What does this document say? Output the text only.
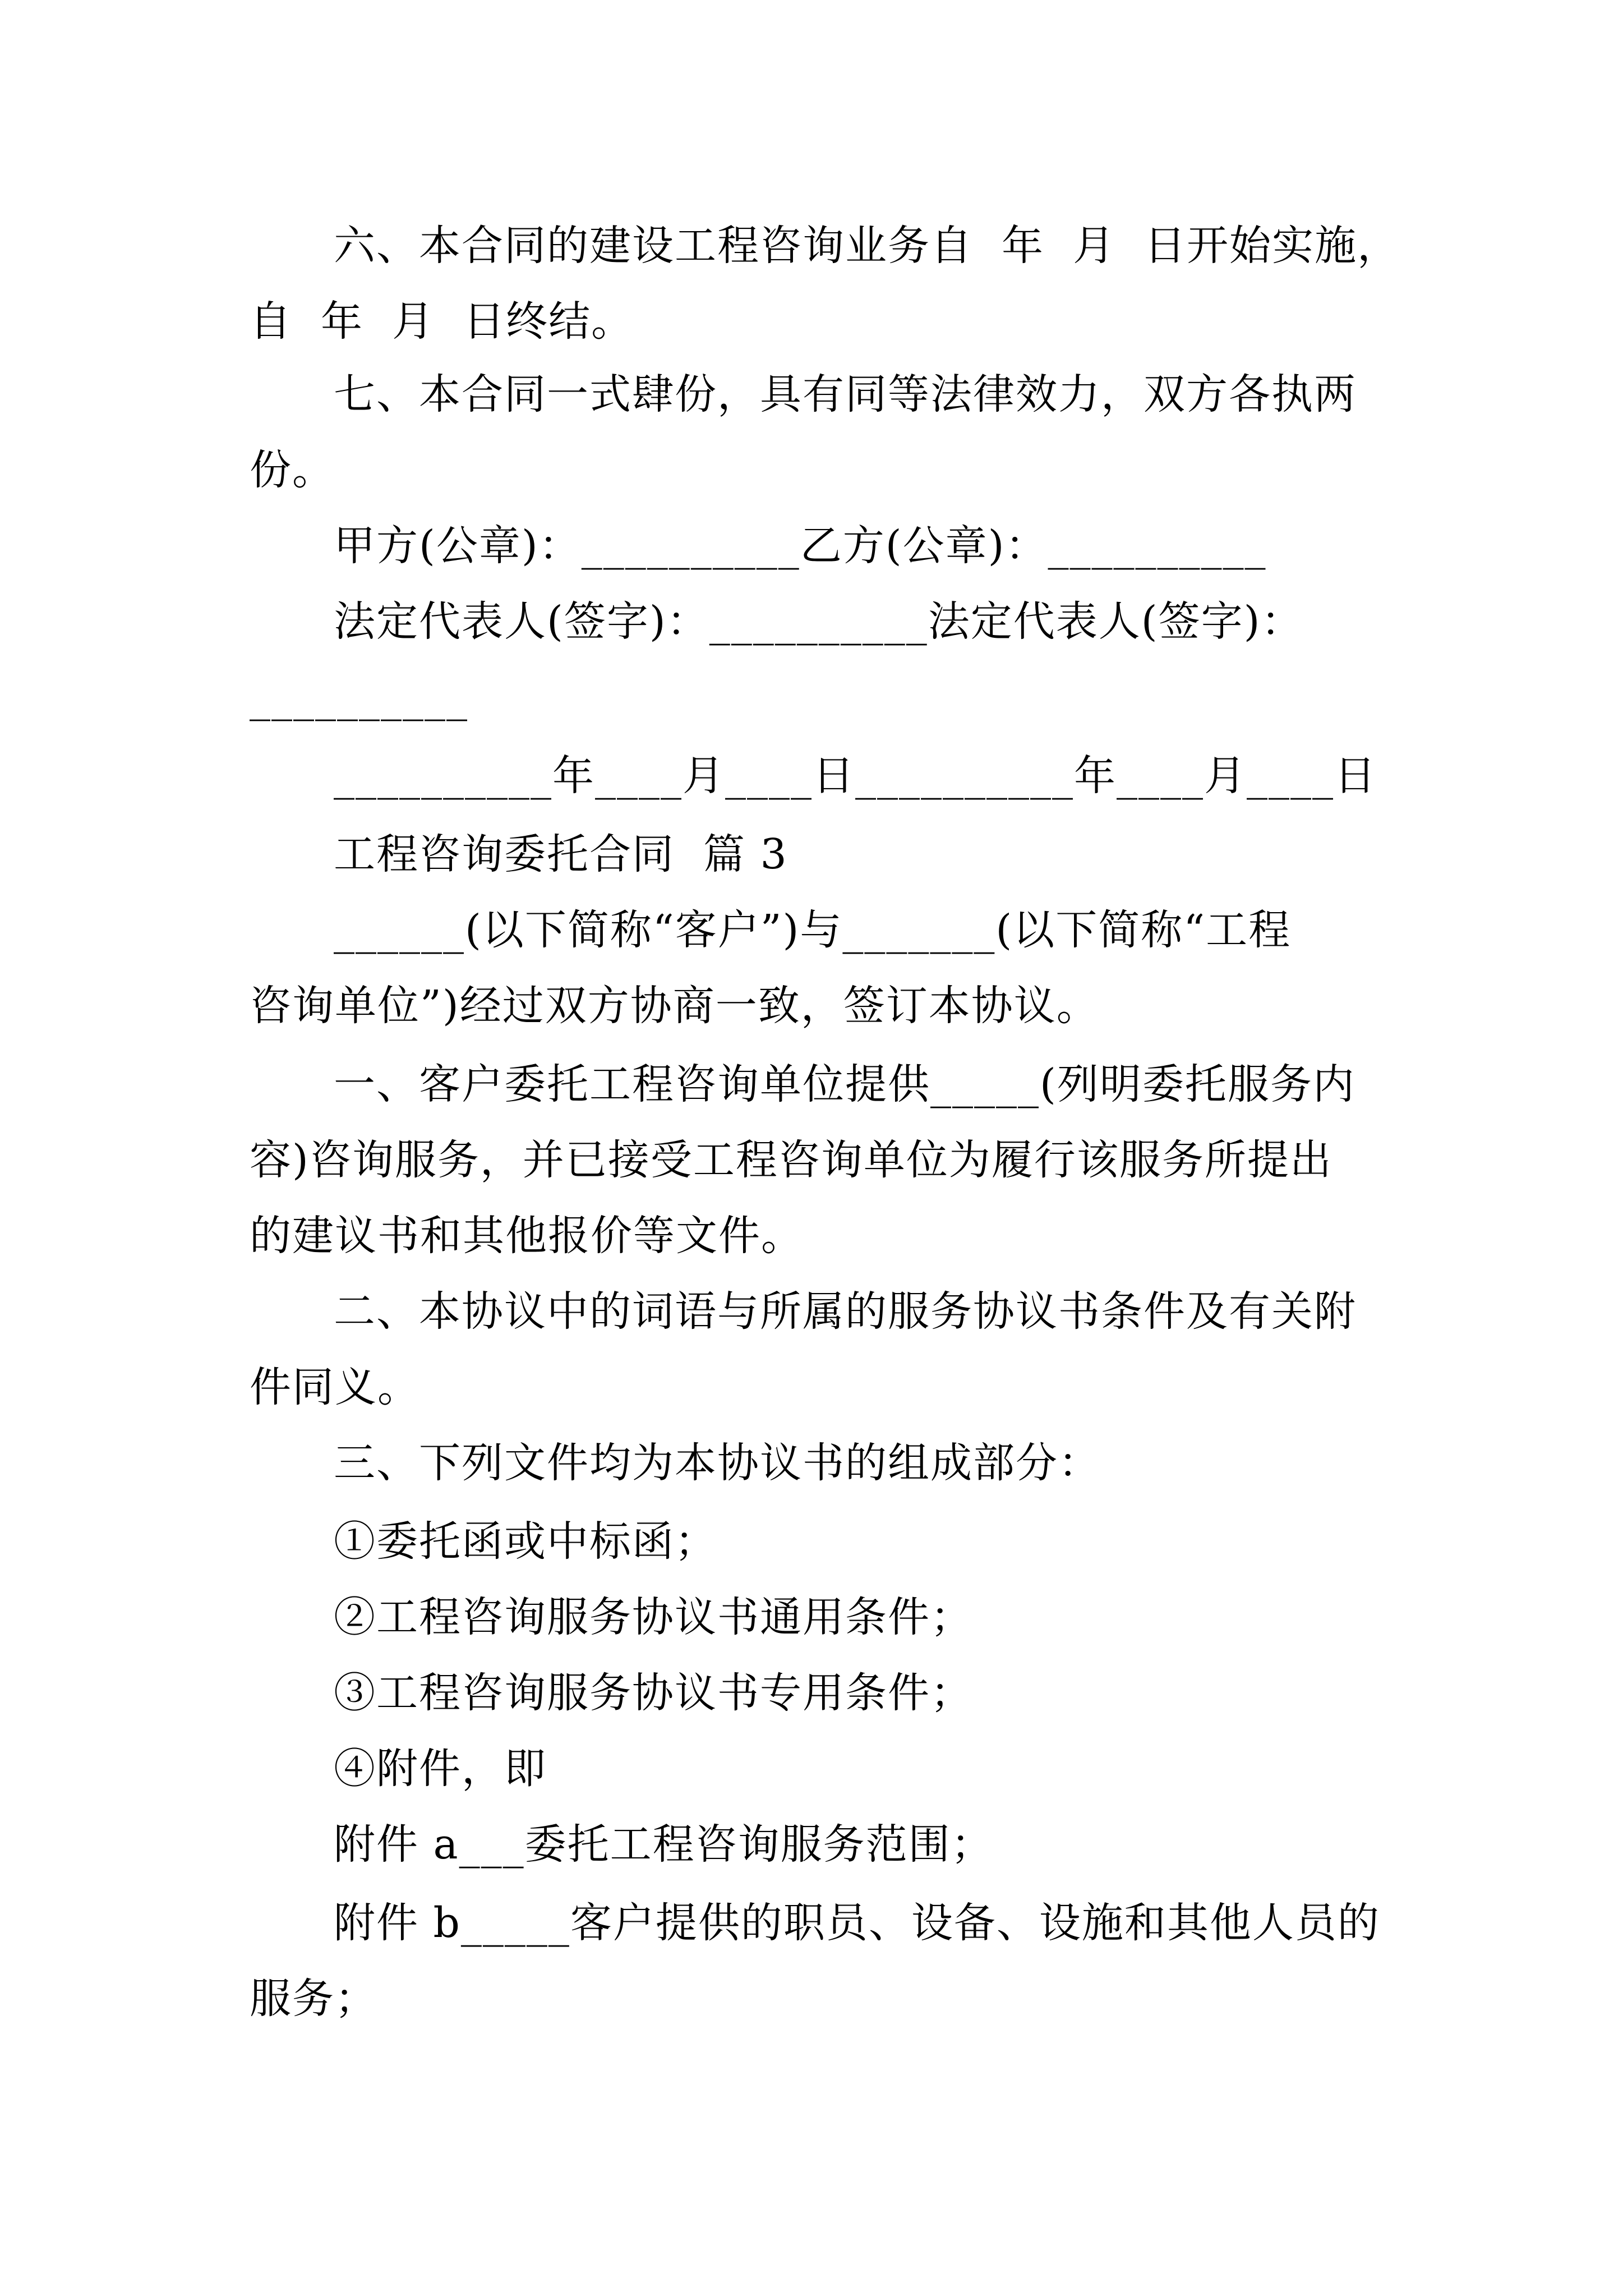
六、本合同的建设工程咨询业务自  年  月  日开始实施，
自  年  月  日终结。
七、本合同一式肆份，具有同等法律效力，双方各执两
份。
甲方(公章)：__________乙方(公章)：__________
法定代表人(签字)：__________法定代表人(签字)：
__________
__________年____月____日__________年____月____日
工程咨询委托合同  篇 3
______(以下简称“客户”)与_______(以下简称“工程
咨询单位”)经过双方协商一致，签订本协议。
一、客户委托工程咨询单位提供_____(列明委托服务内
容)咨询服务，并已接受工程咨询单位为履行该服务所提出
的建议书和其他报价等文件。
二、本协议中的词语与所属的服务协议书条件及有关附
件同义。
三、下列文件均为本协议书的组成部分：
①委托函或中标函；
②工程咨询服务协议书通用条件；
③工程咨询服务协议书专用条件；
④附件，即
附件 a___委托工程咨询服务范围；
附件 b_____客户提供的职员、设备、设施和其他人员的
服务；
